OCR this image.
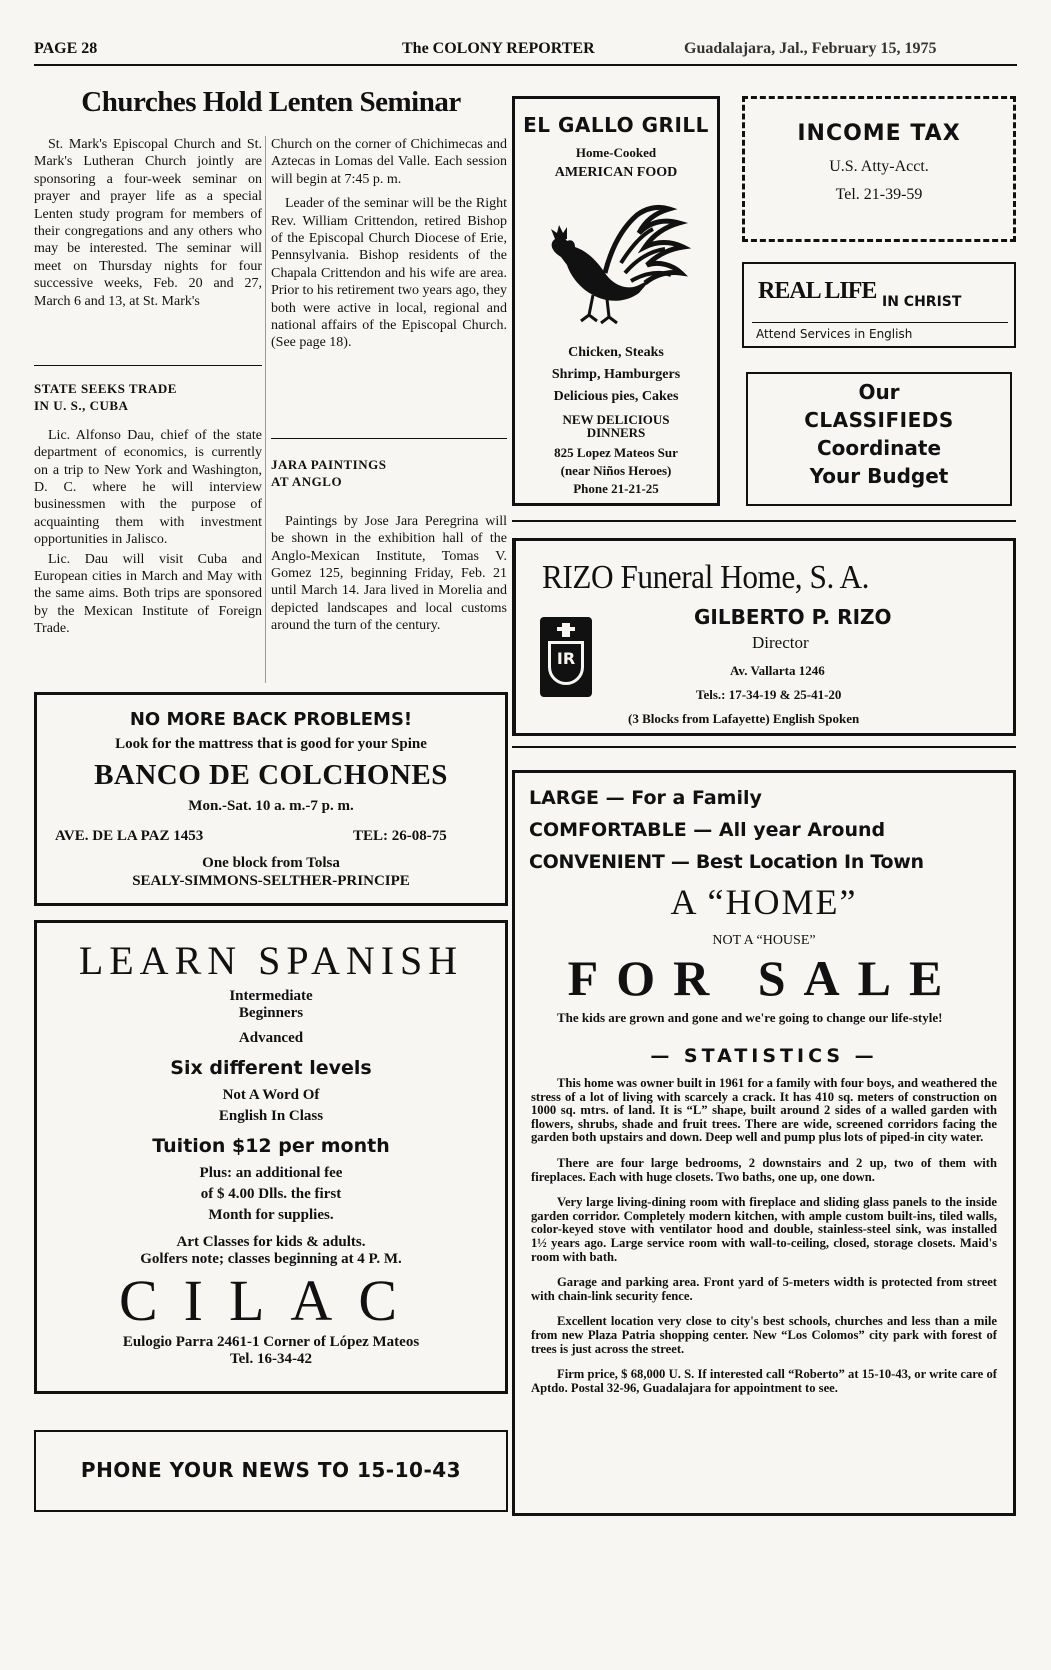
PAGE 28	The COLONY REPORTER	Guadalajara, Jal., February 15, 1975
Churches Hold Lenten Seminar

St. Mark's Episcopal Church and St. Mark's Lutheran Church jointly are sponsoring a four-week seminar on prayer and prayer life as a special Lenten study program for members of their congregations and any others who may be interested. The seminar will meet on Thursday nights for four successive weeks, Feb. 20 and 27, March 6 and 13, at St. Mark's

Church on the corner of Chichimecas and Aztecas in Lomas del Valle. Each session will begin at 7:45 p. m.

Leader of the seminar will be the Right Rev. William Crittendon, retired Bishop of the Episcopal Church Diocese of Erie, Pennsylvania. Bishop residents of the Chapala Crittendon and his wife are area. Prior to his retirement two years ago, they both were active in local, regional and national affairs of the Episcopal Church. (See page 18).

STATE SEEKS TRADE

IN U. S., CUBA

Lic. Alfonso Dau, chief of the state department of economics, is currently on a trip to New York and Washington, D. C. where he will interview businessmen with the purpose of acquainting them with investment opportunities in Jalisco.

Lic. Dau will visit Cuba and European cities in March and May with the same aims. Both trips are sponsored by the Mexican Institute of Foreign Trade.

JARA PAINTINGS

AT ANGLO

Paintings by Jose Jara Peregrina will be shown in the exhibition hall of the Anglo-Mexican Institute, Tomas V. Gomez 125, beginning Friday, Feb. 21 until March 14. Jara lived in Morelia and depicted landscapes and local customs around the turn of the century.

EL GALLO GRILL
Home-Cooked
AMERICAN FOOD
Chicken, Steaks
Shrimp, Hamburgers
Delicious pies, Cakes
NEW DELICIOUS
DINNERS
825 Lopez Mateos Sur
(near Niños Heroes)
Phone 21-21-25
INCOME TAX
U.S. Atty-Acct.
Tel. 21-39-59
REAL LIFE IN CHRIST
Attend Services in English
Our
CLASSIFIEDS
Coordinate
Your Budget
RIZO Funeral Home, S. A.
GILBERTO P. RIZO
Director
Av. Vallarta 1246
Tels.: 17-34-19 & 25-41-20
(3 Blocks from Lafayette) English Spoken
IR
NO MORE BACK PROBLEMS!
Look for the mattress that is good for your Spine
BANCO DE COLCHONES
Mon.-Sat. 10 a. m.-7 p. m.
AVE. DE LA PAZ 1453	TEL: 26-08-75
One block from Tolsa
SEALY-SIMMONS-SELTHER-PRINCIPE
LEARN SPANISH
Intermediate
Beginners
Advanced
Six different levels
Not A Word Of
English In Class
Tuition $12 per month
Plus: an additional fee
of $ 4.00 Dlls. the first
Month for supplies.
Art Classes for kids & adults.
Golfers note; classes beginning at 4 P. M.
CILAC
Eulogio Parra 2461-1 Corner of López Mateos
Tel. 16-34-42
PHONE YOUR NEWS TO 15-10-43
LARGE — For a Family
COMFORTABLE — All year Around
CONVENIENT — Best Location In Town
A “HOME”
NOT A “HOUSE”
FOR SALE
The kids are grown and gone and we're going to change our life-style!
— STATISTICS —

This home was owner built in 1961 for a family with four boys, and weathered the stress of a lot of living with scarcely a crack. It has 410 sq. meters of construction on 1000 sq. mtrs. of land. It is “L” shape, built around 2 sides of a walled garden with flowers, shrubs, shade and fruit trees. There are wide, screened corridors facing the garden both upstairs and down. Deep well and pump plus lots of piped-in city water.

There are four large bedrooms, 2 downstairs and 2 up, two of them with fireplaces. Each with huge closets. Two baths, one up, one down.

Very large living-dining room with fireplace and sliding glass panels to the inside garden corridor. Completely modern kitchen, with ample custom built-ins, tiled walls, color-keyed stove with ventilator hood and double, stainless-steel sink, was installed 1½ years ago. Large service room with wall-to-ceiling, closed, storage closets. Maid's room with bath.

Garage and parking area. Front yard of 5-meters width is protected from street with chain-link security fence.

Excellent location very close to city's best schools, churches and less than a mile from new Plaza Patria shopping center. New “Los Colomos” city park with forest of trees is just across the street.

Firm price, $ 68,000 U. S. If interested call “Roberto” at 15-10-43, or write care of Aptdo. Postal 32-96, Guadalajara for appointment to see.
